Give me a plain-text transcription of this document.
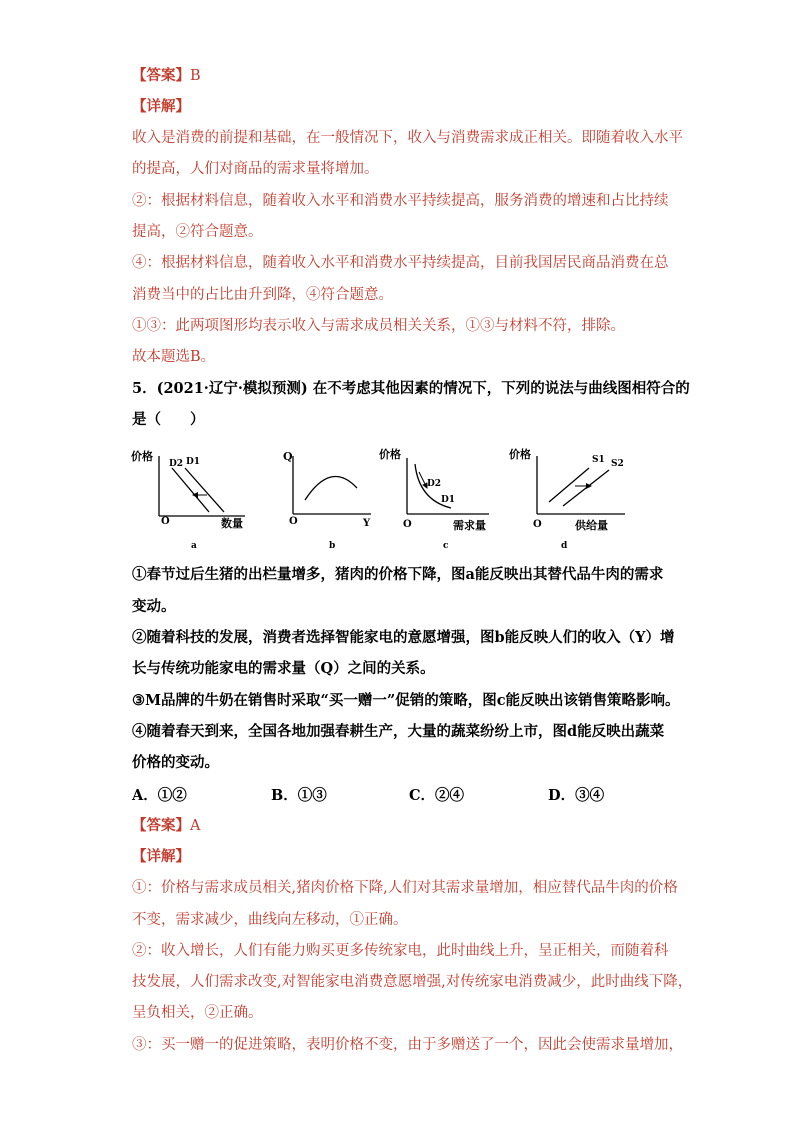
【答案】B
【详解】
收入是消费的前提和基础，在一般情况下，收入与消费需求成正相关。即随着收入水平
的提高，人们对商品的需求量将增加。
②：根据材料信息，随着收入水平和消费水平持续提高，服务消费的增速和占比持续
提高，②符合题意。
④：根据材料信息，随着收入水平和消费水平持续提高，目前我国居民商品消费在总
消费当中的占比由升到降，④符合题意。
①③：此两项图形均表示收入与需求成员相关关系，①③与材料不符，排除。
故本题选B。
5．(2021·辽宁·模拟预测) 在不考虑其他因素的情况下，下列的说法与曲线图相符合的
是（　　）
价格
O	数量
D2 D1
a
Q
O	Y
b
价格
O	需求量
D2
D1
c
价格
O	供给量
S1 S2
d
①春节过后生猪的出栏量增多，猪肉的价格下降，图a能反映出其替代品牛肉的需求
变动。
②随着科技的发展，消费者选择智能家电的意愿增强，图b能反映人们的收入（Y）增
长与传统功能家电的需求量（Q）之间的关系。
③M品牌的牛奶在销售时采取“买一赠一”促销的策略，图c能反映出该销售策略影响。
④随着春天到来，全国各地加强春耕生产，大量的蔬菜纷纷上市，图d能反映出蔬菜
价格的变动。
A．①②	B．①③	C．②④	D．③④
【答案】A
【详解】
①：价格与需求成员相关,猪肉价格下降,人们对其需求量增加，相应替代品牛肉的价格
不变，需求减少，曲线向左移动，①正确。
②：收入增长，人们有能力购买更多传统家电，此时曲线上升，呈正相关，而随着科
技发展，人们需求改变,对智能家电消费意愿增强,对传统家电消费减少，此时曲线下降，
呈负相关，②正确。
③：买一赠一的促进策略，表明价格不变，由于多赠送了一个，因此会使需求量增加，
